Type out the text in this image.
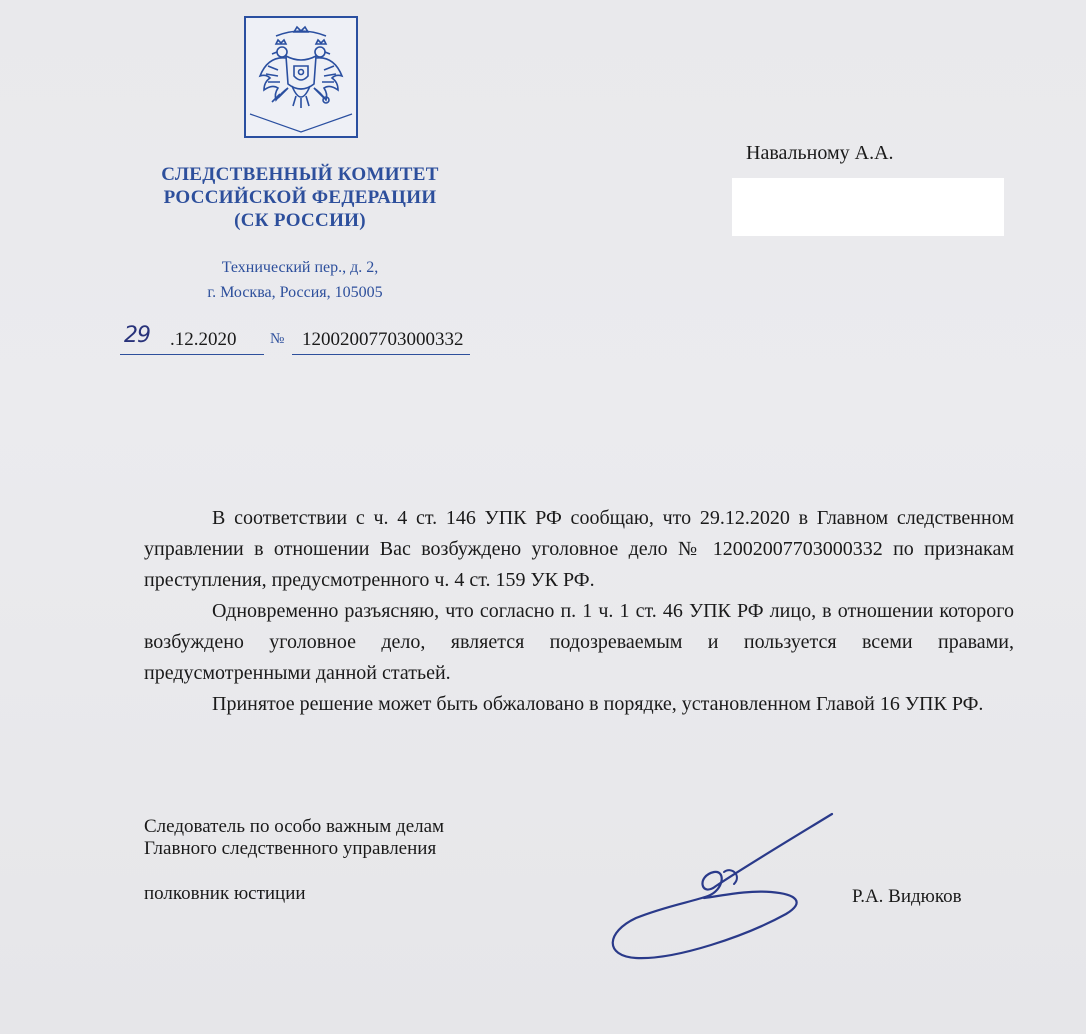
СЛЕДСТВЕННЫЙ КОМИТЕТ
РОССИЙСКОЙ ФЕДЕРАЦИИ
(СК РОССИИ)
Технический пер., д. 2,
г. Москва, Россия, 105005
29 .12.2020 № 12002007703000332
Навальному А.А.

В соответствии с ч. 4 ст. 146 УПК РФ сообщаю, что 29.12.2020 в Главном следственном управлении в отношении Вас возбуждено уголовное дело № 12002007703000332 по признакам преступления, предусмотренного ч. 4 ст. 159 УК РФ.

Одновременно разъясняю, что согласно п. 1 ч. 1 ст. 46 УПК РФ лицо, в отношении которого возбуждено уголовное дело, является подозреваемым и пользуется всеми правами, предусмотренными данной статьей.

Принятое решение может быть обжаловано в порядке, установленном Главой 16 УПК РФ.

Следователь по особо важным делам
Главного следственного управления
полковник юстиции	Р.А. Видюков
